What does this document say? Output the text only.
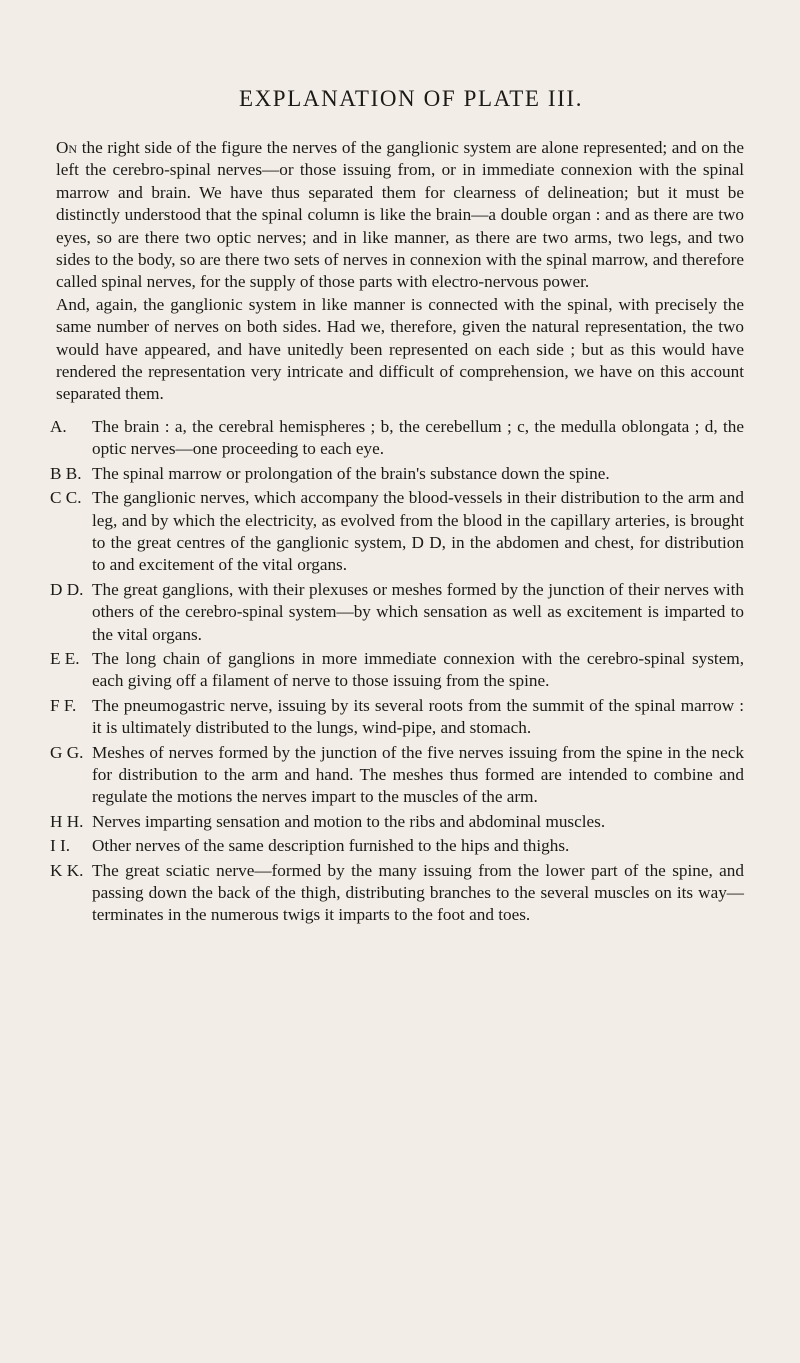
EXPLANATION OF PLATE III.

On the right side of the figure the nerves of the ganglionic system are alone represented; and on the left the cerebro-spinal nerves—or those issuing from, or in immediate connexion with the spinal marrow and brain. We have thus separated them for clearness of delineation; but it must be distinctly understood that the spinal column is like the brain—a double organ : and as there are two eyes, so are there two optic nerves; and in like manner, as there are two arms, two legs, and two sides to the body, so are there two sets of nerves in connexion with the spinal marrow, and therefore called spinal nerves, for the supply of those parts with electro-nervous power.

And, again, the ganglionic system in like manner is connected with the spinal, with precisely the same number of nerves on both sides. Had we, therefore, given the natural representation, the two would have appeared, and have unitedly been represented on each side ; but as this would have rendered the representation very intricate and difficult of comprehension, we have on this account separated them.

A. The brain : a, the cerebral hemispheres ; b, the cerebellum ; c, the medulla oblongata ; d, the optic nerves—one proceeding to each eye.
B B. The spinal marrow or prolongation of the brain's substance down the spine.
C C. The ganglionic nerves, which accompany the blood-vessels in their distribution to the arm and leg, and by which the electricity, as evolved from the blood in the capillary arteries, is brought to the great centres of the ganglionic system, D D, in the abdomen and chest, for distribution to and excitement of the vital organs.
D D. The great ganglions, with their plexuses or meshes formed by the junction of their nerves with others of the cerebro-spinal system—by which sensation as well as excitement is imparted to the vital organs.
E E. The long chain of ganglions in more immediate connexion with the cerebro-spinal system, each giving off a filament of nerve to those issuing from the spine.
F F. The pneumogastric nerve, issuing by its several roots from the summit of the spinal marrow : it is ultimately distributed to the lungs, wind-pipe, and stomach.
G G. Meshes of nerves formed by the junction of the five nerves issuing from the spine in the neck for distribution to the arm and hand. The meshes thus formed are intended to combine and regulate the motions the nerves impart to the muscles of the arm.
H H. Nerves imparting sensation and motion to the ribs and abdominal muscles.
I I. Other nerves of the same description furnished to the hips and thighs.
K K. The great sciatic nerve—formed by the many issuing from the lower part of the spine, and passing down the back of the thigh, distributing branches to the several muscles on its way—terminates in the numerous twigs it imparts to the foot and toes.
